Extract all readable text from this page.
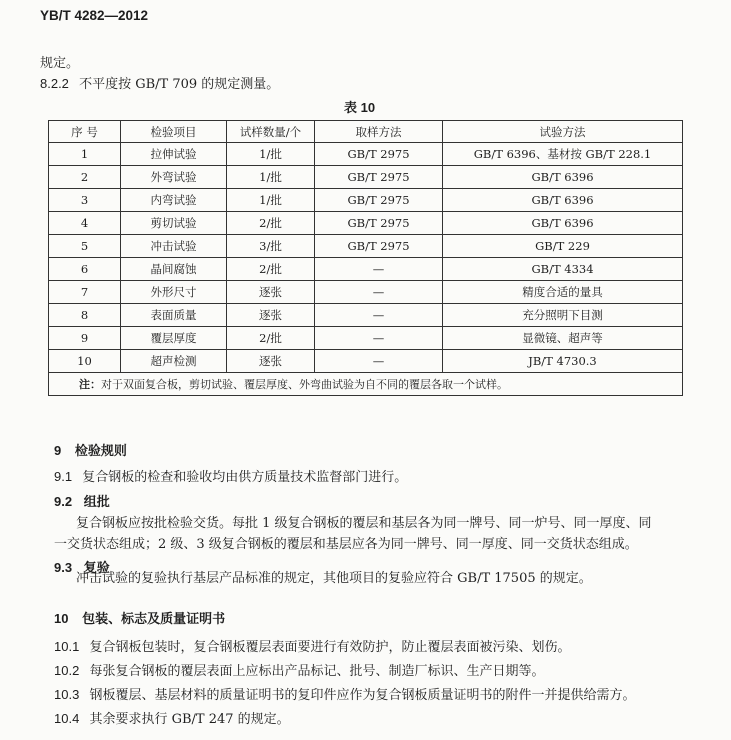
YB/T 4282—2012
规定。
8.2.2 不平度按 GB/T 709 的规定测量。
表 10
序 号	检验项目	试样数量/个	取样方法	试验方法
1	拉伸试验	1/批	GB/T 2975	GB/T 6396、基材按 GB/T 228.1
2	外弯试验	1/批	GB/T 2975	GB/T 6396
3	内弯试验	1/批	GB/T 2975	GB/T 6396
4	剪切试验	2/批	GB/T 2975	GB/T 6396
5	冲击试验	3/批	GB/T 2975	GB/T 229
6	晶间腐蚀	2/批	—	GB/T 4334
7	外形尺寸	逐张	—	精度合适的量具
8	表面质量	逐张	—	充分照明下目测
9	覆层厚度	2/批	—	显微镜、超声等
10	超声检测	逐张	—	JB/T 4730.3
注：对于双面复合板，剪切试验、覆层厚度、外弯曲试验为自不同的覆层各取一个试样。				
9 检验规则
9.1 复合钢板的检查和验收均由供方质量技术监督部门进行。
9.2 组批
复合钢板应按批检验交货。每批 1 级复合钢板的覆层和基层各为同一牌号、同一炉号、同一厚度、同
一交货状态组成；2 级、3 级复合钢板的覆层和基层应各为同一牌号、同一厚度、同一交货状态组成。
9.3 复验
冲击试验的复验执行基层产品标准的规定，其他项目的复验应符合 GB/T 17505 的规定。
10 包装、标志及质量证明书
10.1 复合钢板包装时，复合钢板覆层表面要进行有效防护，防止覆层表面被污染、划伤。
10.2 每张复合钢板的覆层表面上应标出产品标记、批号、制造厂标识、生产日期等。
10.3 钢板覆层、基层材料的质量证明书的复印件应作为复合钢板质量证明书的附件一并提供给需方。
10.4 其余要求执行 GB/T 247 的规定。
